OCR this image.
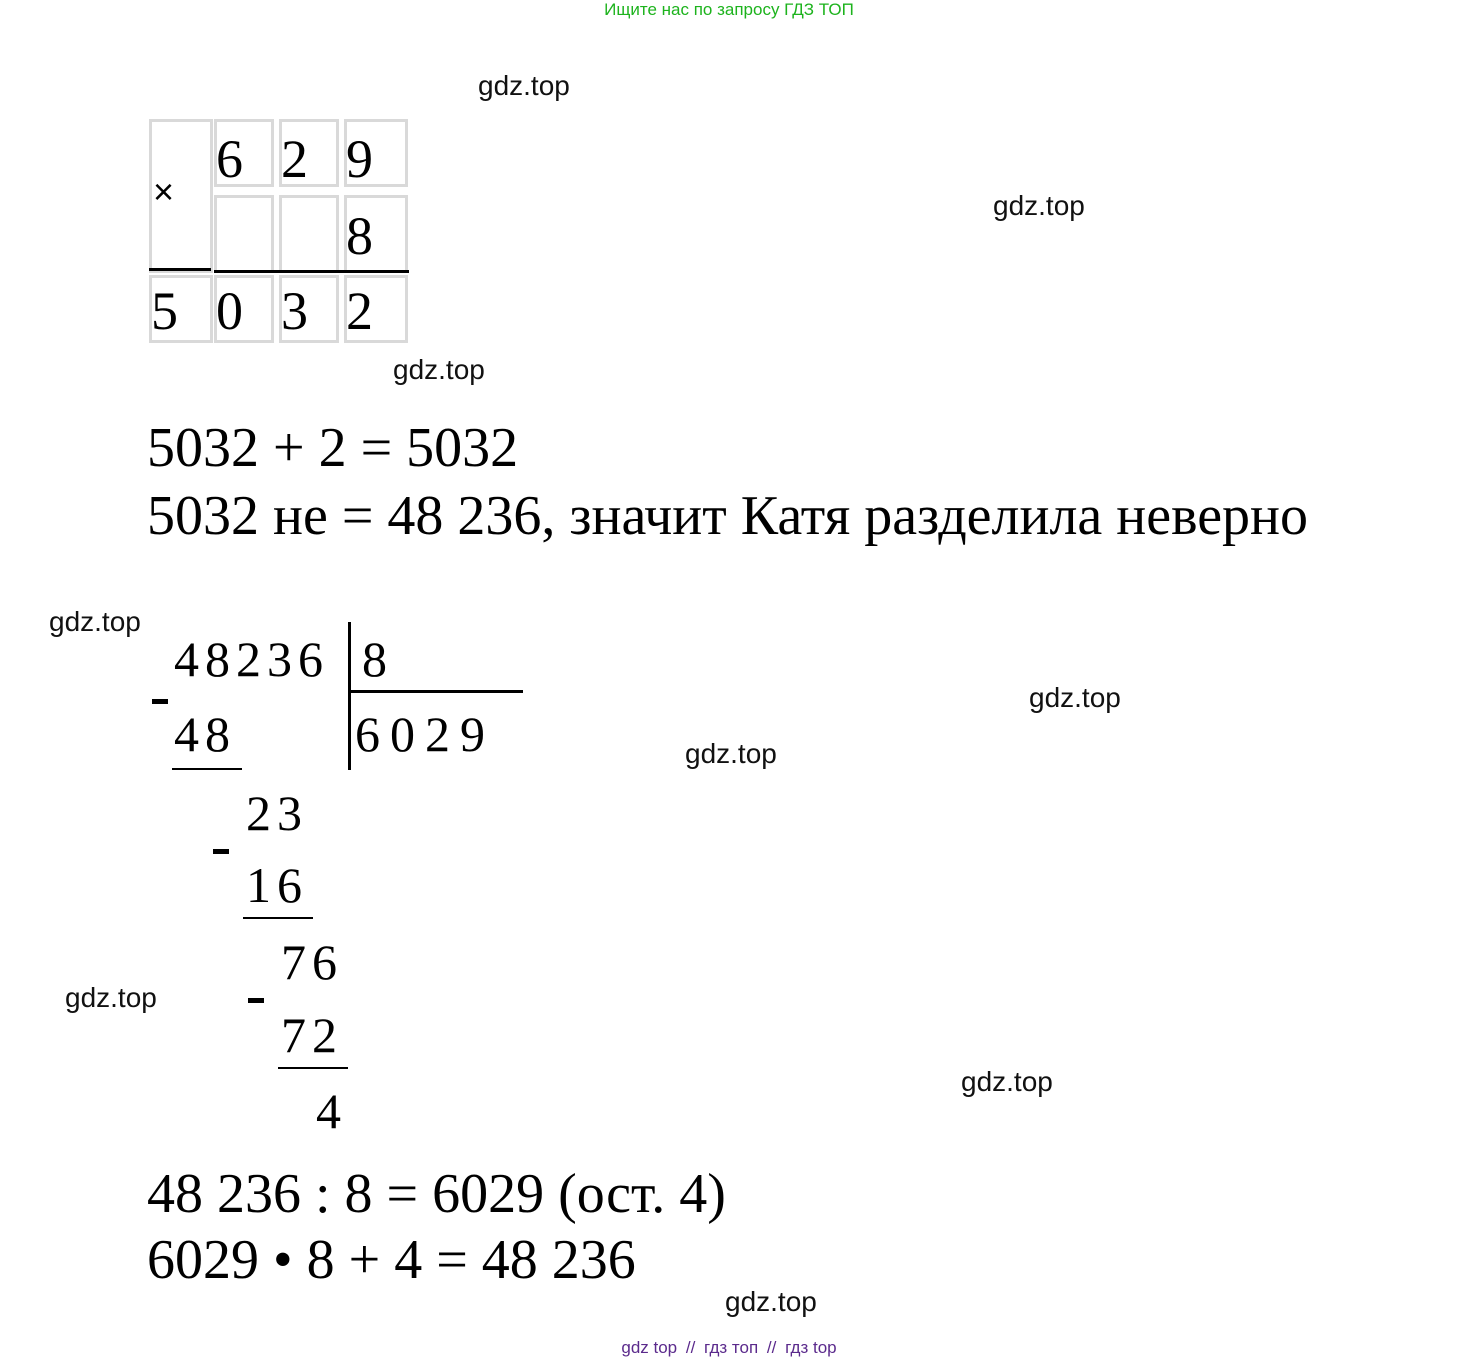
Ищите нас по запросу ГДЗ ТОП
gdz.top
gdz.top
gdz.top
gdz.top
gdz.top
gdz.top
gdz.top
gdz.top
gdz.top
×
6 2 9
8
5 0 3 2
5032 + 2 = 5032
5032 не = 48 236, значит Катя разделила неверно
48236 8
6029
48
23
16
76
72
4
48 236 : 8 = 6029 (ост. 4)
6029 • 8 + 4 = 48 236
gdz top // гдз топ // гдз top
